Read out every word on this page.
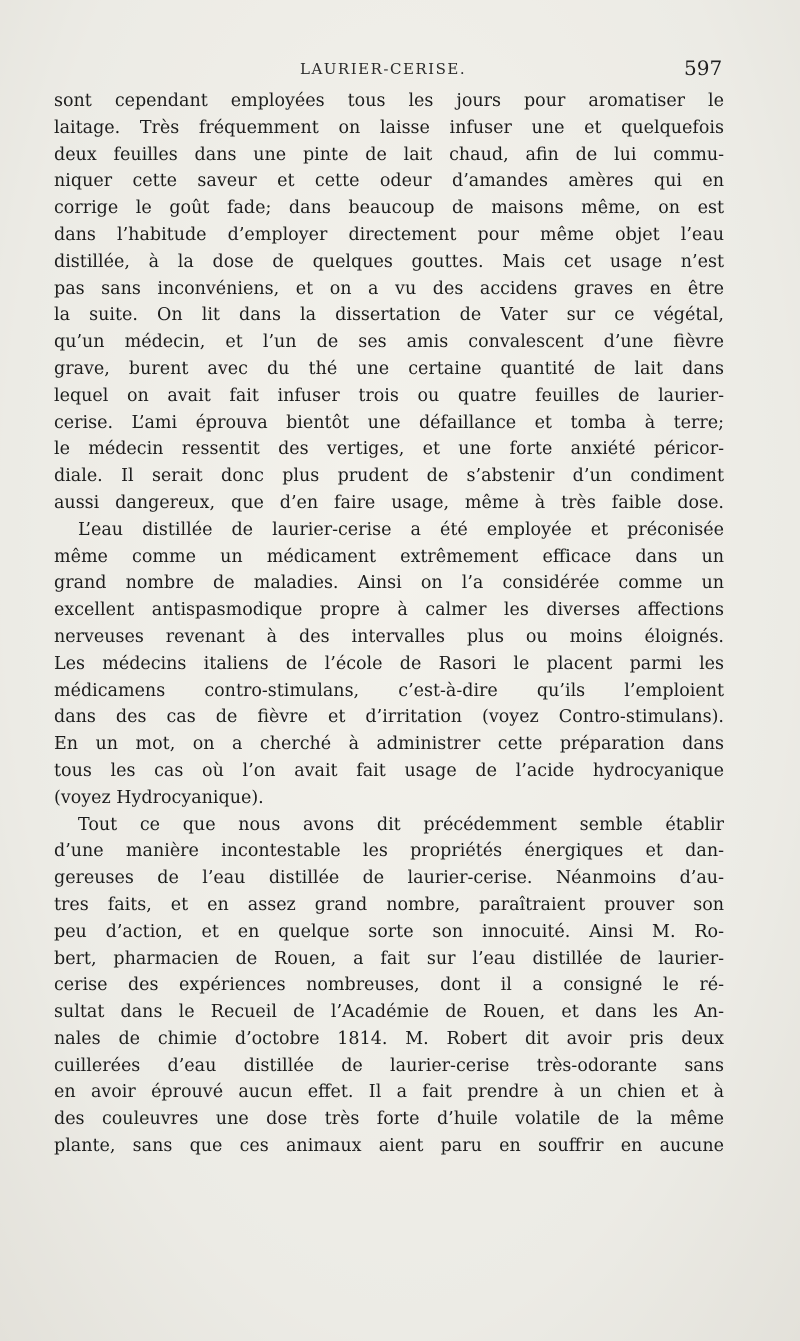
LAURIER-CERISE.	597
sont cependant employées tous les jours pour aromatiser le
laitage. Très fréquemment on laisse infuser une et quelquefois
deux feuilles dans une pinte de lait chaud, afin de lui commu-
niquer cette saveur et cette odeur d’amandes amères qui en
corrige le goût fade; dans beaucoup de maisons même, on est
dans l’habitude d’employer directement pour même objet l’eau
distillée, à la dose de quelques gouttes. Mais cet usage n’est
pas sans inconvéniens, et on a vu des accidens graves en être
la suite. On lit dans la dissertation de Vater sur ce végétal,
qu’un médecin, et l’un de ses amis convalescent d’une fièvre
grave, burent avec du thé une certaine quantité de lait dans
lequel on avait fait infuser trois ou quatre feuilles de laurier-
cerise. L’ami éprouva bientôt une défaillance et tomba à terre;
le médecin ressentit des vertiges, et une forte anxiété péricor-
diale. Il serait donc plus prudent de s’abstenir d’un condiment
aussi dangereux, que d’en faire usage, même à très faible dose.
L’eau distillée de laurier-cerise a été employée et préconisée
même comme un médicament extrêmement efficace dans un
grand nombre de maladies. Ainsi on l’a considérée comme un
excellent antispasmodique propre à calmer les diverses affections
nerveuses revenant à des intervalles plus ou moins éloignés.
Les médecins italiens de l’école de Rasori le placent parmi les
médicamens contro-stimulans, c’est-à-dire qu’ils l’emploient
dans des cas de fièvre et d’irritation (voyez Contro-stimulans).
En un mot, on a cherché à administrer cette préparation dans
tous les cas où l’on avait fait usage de l’acide hydrocyanique
(voyez Hydrocyanique).
Tout ce que nous avons dit précédemment semble établir
d’une manière incontestable les propriétés énergiques et dan-
gereuses de l’eau distillée de laurier-cerise. Néanmoins d’au-
tres faits, et en assez grand nombre, paraîtraient prouver son
peu d’action, et en quelque sorte son innocuité. Ainsi M. Ro-
bert, pharmacien de Rouen, a fait sur l’eau distillée de laurier-
cerise des expériences nombreuses, dont il a consigné le ré-
sultat dans le Recueil de l’Académie de Rouen, et dans les An-
nales de chimie d’octobre 1814. M. Robert dit avoir pris deux
cuillerées d’eau distillée de laurier-cerise très-odorante sans
en avoir éprouvé aucun effet. Il a fait prendre à un chien et à
des couleuvres une dose très forte d’huile volatile de la même
plante, sans que ces animaux aient paru en souffrir en aucune
